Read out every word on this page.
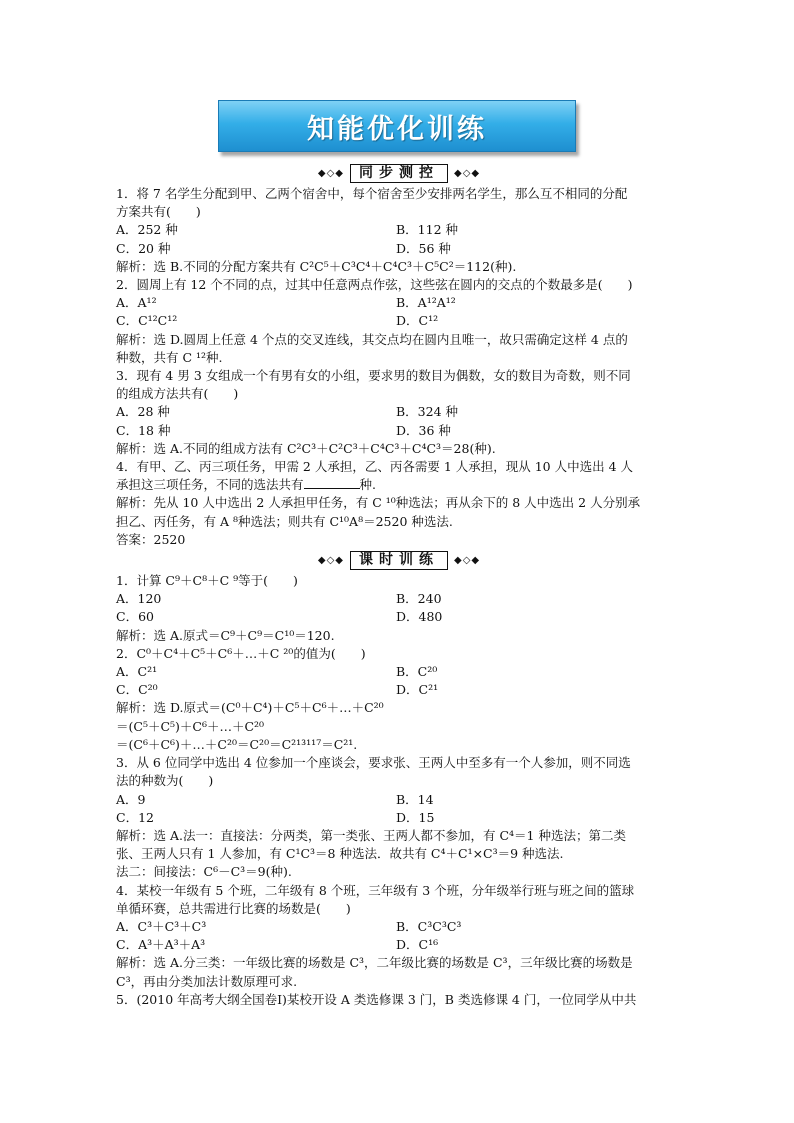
知能优化训练
◆◇◆	同步测控	◆◇◆
1．将 7 名学生分配到甲、乙两个宿舍中，每个宿舍至少安排两名学生，那么互不相同的分配
方案共有(　　)
A．252 种	B．112 种
C．20 种	D．56 种
解析：选 B.不同的分配方案共有 C²C⁵＋C³C⁴＋C⁴C³＋C⁵C²＝112(种).
2．圆周上有 12 个不同的点，过其中任意两点作弦，这些弦在圆内的交点的个数最多是(　　)
A．A¹²	B．A¹²A¹²
C．C¹²C¹²	D．C¹²
解析：选 D.圆周上任意 4 个点的交叉连线，其交点均在圆内且唯一，故只需确定这样 4 点的
种数，共有 C ¹²种.
3．现有 4 男 3 女组成一个有男有女的小组，要求男的数目为偶数，女的数目为奇数，则不同
的组成方法共有(　　)
A．28 种	B．324 种
C．18 种	D．36 种
解析：选 A.不同的组成方法有 C²C³＋C²C³＋C⁴C³＋C⁴C³＝28(种).
4．有甲、乙、丙三项任务，甲需 2 人承担，乙、丙各需要 1 人承担，现从 10 人中选出 4 人
承担这三项任务，不同的选法共有	种.
解析：先从 10 人中选出 2 人承担甲任务，有 C ¹⁰种选法；再从余下的 8 人中选出 2 人分别承
担乙、丙任务，有 A ⁸种选法；则共有 C¹⁰A⁸＝2520 种选法.
答案：2520
◆◇◆	课时训练	◆◇◆
1．计算 C⁹＋C⁸＋C ⁹等于(　　)
A．120	B．240
C．60	D．480
解析：选 A.原式＝C⁹＋C⁹＝C¹⁰＝120.
2．C⁰＋C⁴＋C⁵＋C⁶＋…＋C ²⁰的值为(　　)
A．C²¹	B．C²⁰
C．C²⁰	D．C²¹
解析：选 D.原式＝(C⁰＋C⁴)＋C⁵＋C⁶＋…＋C²⁰
＝(C⁵＋C⁵)＋C⁶＋…＋C²⁰
＝(C⁶＋C⁶)＋…＋C²⁰＝C²⁰＝C²¹³¹¹⁷＝C²¹.
3．从 6 位同学中选出 4 位参加一个座谈会，要求张、王两人中至多有一个人参加，则不同选
法的种数为(　　)
A．9	B．14
C．12	D．15
解析：选 A.法一：直接法：分两类，第一类张、王两人都不参加，有 C⁴＝1 种选法；第二类
张、王两人只有 1 人参加，有 C¹C³＝8 种选法．故共有 C⁴＋C¹×C³＝9 种选法.
法二：间接法：C⁶－C³＝9(种).
4．某校一年级有 5 个班，二年级有 8 个班，三年级有 3 个班，分年级举行班与班之间的篮球
单循环赛，总共需进行比赛的场数是(　　)
A．C³＋C³＋C³	B．C³C³C³
C．A³＋A³＋A³	D．C¹⁶
解析：选 A.分三类：一年级比赛的场数是 C³，二年级比赛的场数是 C³，三年级比赛的场数是
C³，再由分类加法计数原理可求.
5．(2010 年高考大纲全国卷Ⅰ)某校开设 A 类选修课 3 门，B 类选修课 4 门，一位同学从中共
